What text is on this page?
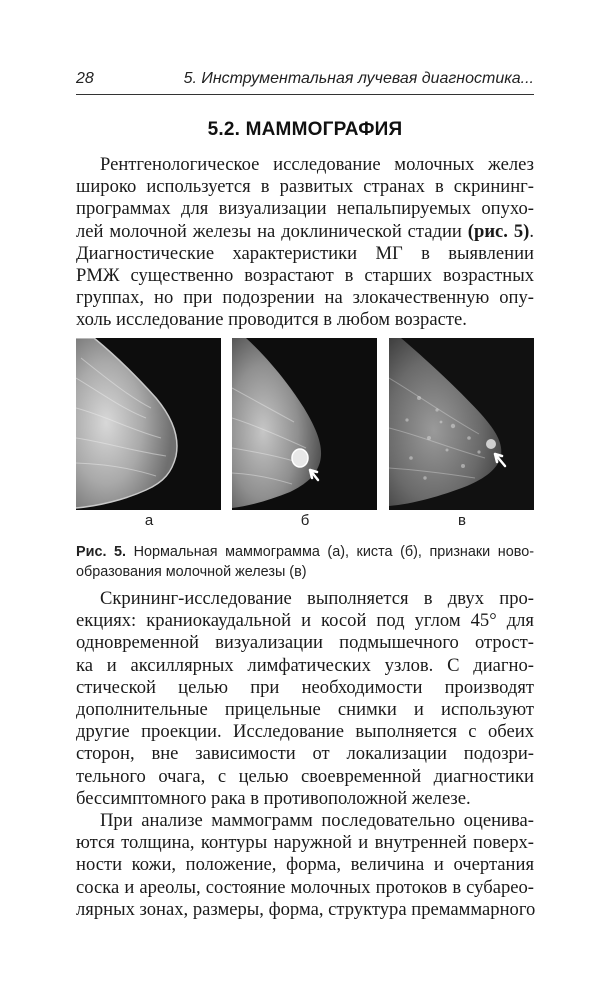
28	5. Инструментальная лучевая диагностика...
5.2. МАММОГРАФИЯ
Рентгенологическое исследование молочных желез
широко используется в развитых странах в скрининг-
программах для визуализации непальпируемых опухо-
лей молочной железы на доклинической стадии (рис. 5).
Диагностические характеристики МГ в выявлении
РМЖ существенно возрастают в старших возрастных
группах, но при подозрении на злокачественную опу-
холь исследование проводится в любом возрасте.
а	б	в
Рис. 5. Нормальная маммограмма (а), киста (б), признаки ново-
образования молочной железы (в)
Скрининг-исследование выполняется в двух про-
екциях: краниокаудальной и косой под углом 45° для
одновременной визуализации подмышечного отрост-
ка и аксиллярных лимфатических узлов. С диагно-
стической целью при необходимости производят
дополнительные прицельные снимки и используют
другие проекции. Исследование выполняется с обеих
сторон, вне зависимости от локализации подозри-
тельного очага, с целью своевременной диагностики
бессимптомного рака в противоположной железе.
При анализе маммограмм последовательно оценива-
ются толщина, контуры наружной и внутренней поверх-
ности кожи, положение, форма, величина и очертания
соска и ареолы, состояние молочных протоков в субарео-
лярных зонах, размеры, форма, структура премаммарного
